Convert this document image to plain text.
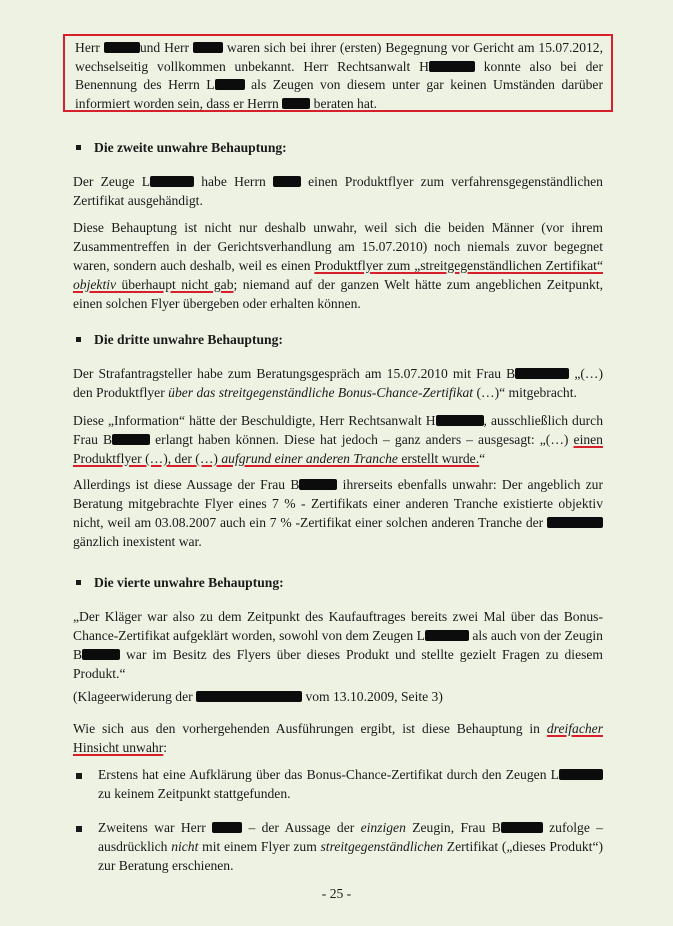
Herr	und Herr  waren sich bei ihrer (ersten) Begegnung vor Gericht am 15.07.2012, wechselseitig vollkommen unbekannt. Herr Rechtsanwalt H	konnte also bei der Benennung des Herrn L als Zeugen von diesem unter gar keinen Umständen darüber informiert worden sein, dass er Herrn  beraten hat.

Die zweite unwahre Behauptung:

Der Zeuge L	habe Herrn  einen Produktflyer zum verfahrensgegenständlichen Zertifikat ausgehändigt.

Diese Behauptung ist nicht nur deshalb unwahr, weil sich die beiden Männer (vor ihrem Zusammentreffen in der Gerichtsverhandlung am 15.07.2010) noch niemals zuvor begegnet waren, sondern auch deshalb, weil es einen Produktflyer zum „streitgegenständlichen Zertifikat“ objektiv überhaupt nicht gab; niemand auf der ganzen Welt hätte zum angeblichen Zeitpunkt, einen solchen Flyer übergeben oder erhalten können.

Die dritte unwahre Behauptung:

Der Strafantragsteller habe zum Beratungsgespräch am 15.07.2010 mit Frau B	„(…) den Produktflyer über das streitgegenständliche Bonus-Chance-Zertifikat (…)“ mitgebracht.

Diese „Information“ hätte der Beschuldigte, Herr Rechtsanwalt H	, ausschließlich durch Frau B	erlangt haben können. Diese hat jedoch – ganz anders – ausgesagt: „(…) einen Produktflyer (…), der (…) aufgrund einer anderen Tranche erstellt wurde.“

Allerdings ist diese Aussage der Frau B	ihrerseits ebenfalls unwahr: Der angeblich zur Beratung mitgebrachte Flyer eines 7 % - Zertifikats einer anderen Tranche existierte objektiv nicht, weil am 03.08.2007 auch ein 7 % -Zertifikat einer solchen anderen Tranche der  gänzlich inexistent war.

Die vierte unwahre Behauptung:

„Der Kläger war also zu dem Zeitpunkt des Kaufauftrages bereits zwei Mal über das Bonus-Chance-Zertifikat aufgeklärt worden, sowohl von dem Zeugen L	als auch von der Zeugin B	war im Besitz des Flyers über dieses Produkt und stellte gezielt Fragen zu diesem Produkt.“

(Klageerwiderung der	vom 13.10.2009, Seite 3)

Wie sich aus den vorhergehenden Ausführungen ergibt, ist diese Behauptung in dreifacher Hinsicht unwahr:

Erstens hat eine Aufklärung über das Bonus-Chance-Zertifikat durch den Zeugen L zu keinem Zeitpunkt stattgefunden.

Zweitens war Herr  – der Aussage der einzigen Zeugin, Frau B	zufolge – ausdrücklich nicht mit einem Flyer zum streitgegenständlichen Zertifikat („dieses Produkt“) zur Beratung erschienen.

- 25 -
